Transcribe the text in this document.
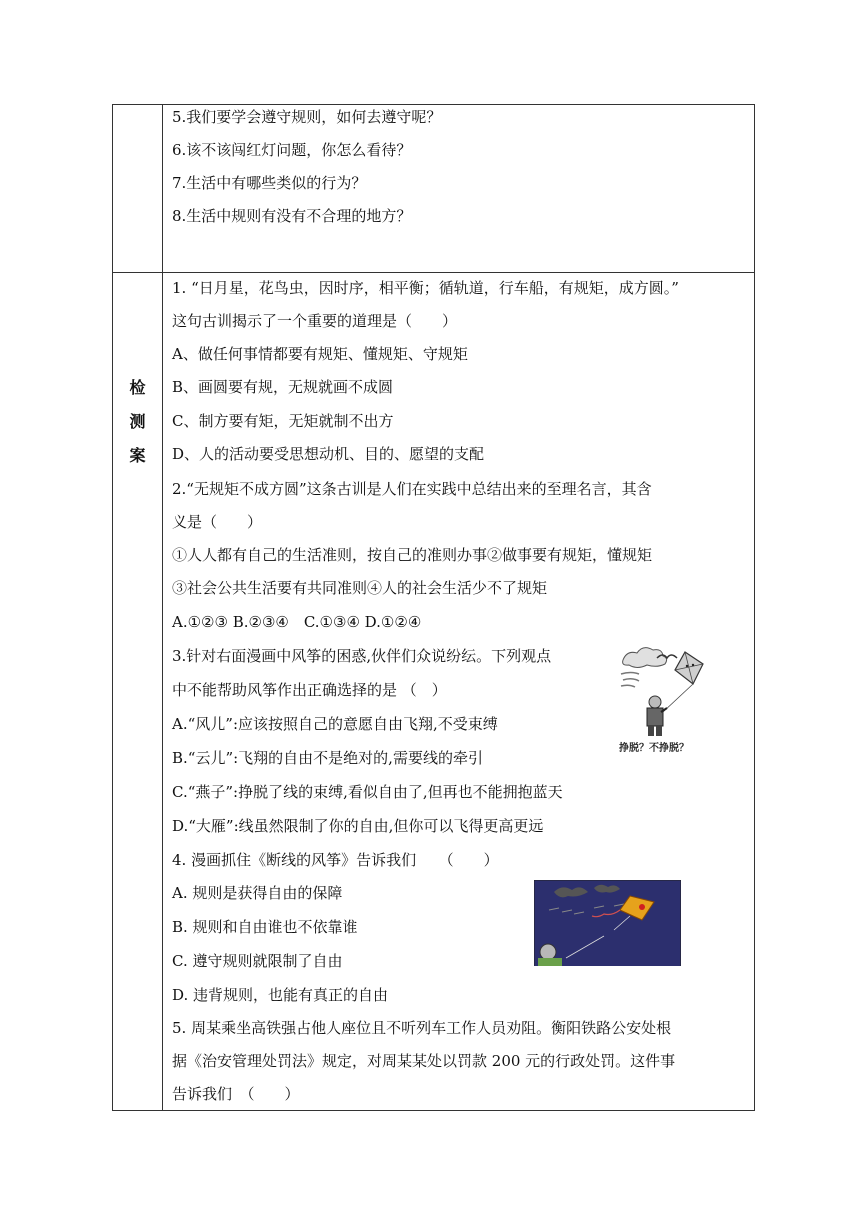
5.我们要学会遵守规则，如何去遵守呢？
6.该不该闯红灯问题，你怎么看待？
7.生活中有哪些类似的行为？
8.生活中规则有没有不合理的地方？
检
测
案
1. “日月星，花鸟虫，因时序，相平衡；循轨道，行车船，有规矩，成方圆。”
这句古训揭示了一个重要的道理是（　　）
A、做任何事情都要有规矩、懂规矩、守规矩
B、画圆要有规，无规就画不成圆
C、制方要有矩，无矩就制不出方
D、人的活动要受思想动机、目的、愿望的支配
2.“无规矩不成方圆”这条古训是人们在实践中总结出来的至理名言，其含
义是（　　）
①人人都有自己的生活准则，按自己的准则办事②做事要有规矩，懂规矩
③社会公共生活要有共同准则④人的社会生活少不了规矩
A.①②③ B.②③④　C.①③④ D.①②④
3.针对右面漫画中风筝的困惑,伙伴们众说纷纭。下列观点
中不能帮助风筝作出正确选择的是 （　）
A.“风儿”:应该按照自己的意愿自由飞翔,不受束缚
B.“云儿”:飞翔的自由不是绝对的,需要线的牵引
C.“燕子”:挣脱了线的束缚,看似自由了,但再也不能拥抱蓝天
D.“大雁”:线虽然限制了你的自由,但你可以飞得更高更远
4. 漫画抓住《断线的风筝》告诉我们　　（　　）
A. 规则是获得自由的保障
B. 规则和自由谁也不依靠谁
C. 遵守规则就限制了自由
D. 违背规则，也能有真正的自由
5. 周某乘坐高铁强占他人座位且不听列车工作人员劝阻。衡阳铁路公安处根
据《治安管理处罚法》规定，对周某某处以罚款 200 元的行政处罚。这件事
告诉我们　（　　）
挣脱？不挣脱？
